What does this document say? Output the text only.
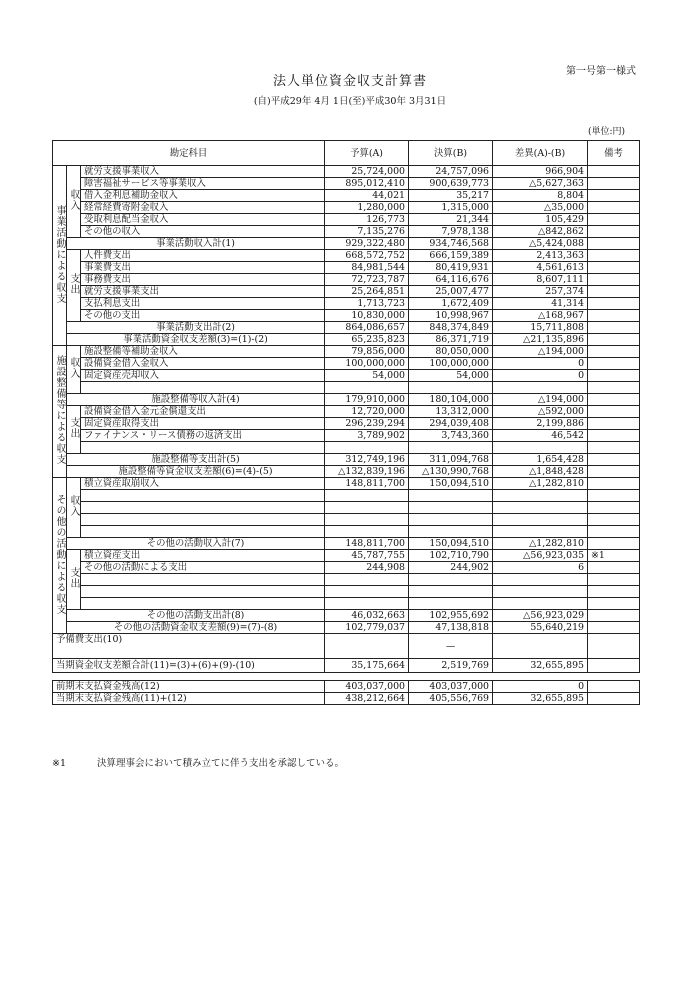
第一号第一様式
法人単位資金収支計算書
(自)平成29年 4月 1日(至)平成30年 3月31日
(単位:円)
勘定科目			予算(A)	決算(B)	差異(A)-(B)	備考
事業活動による収支	収入	就労支援事業収入	25,724,000	24,757,096	966,904	
		障害福祉サービス等事業収入	895,012,410	900,639,773	△5,627,363	
		借入金利息補助金収入	44,021	35,217	8,804	
		経常経費寄附金収入	1,280,000	1,315,000	△35,000	
		受取利息配当金収入	126,773	21,344	105,429	
		その他の収入	7,135,276	7,978,138	△842,862	
	事業活動収入計(1)		929,322,480	934,746,568	△5,424,088	
	支出	人件費支出	668,572,752	666,159,389	2,413,363	
		事業費支出	84,981,544	80,419,931	4,561,613	
		事務費支出	72,723,787	64,116,676	8,607,111	
		就労支援事業支出	25,264,851	25,007,477	257,374	
		支払利息支出	1,713,723	1,672,409	41,314	
		その他の支出	10,830,000	10,998,967	△168,967	
	事業活動支出計(2)		864,086,657	848,374,849	15,711,808	
	事業活動資金収支差額(3)=(1)-(2)		65,235,823	86,371,719	△21,135,896	
施設整備等による収支	収入	施設整備等補助金収入	79,856,000	80,050,000	△194,000	
		設備資金借入金収入	100,000,000	100,000,000	0	
		固定資産売却収入	54,000	54,000	0	

	施設整備等収入計(4)		179,910,000	180,104,000	△194,000	
	支出	設備資金借入金元金償還支出	12,720,000	13,312,000	△592,000	
		固定資産取得支出	296,239,294	294,039,408	2,199,886	
		ファイナンス・リース債務の返済支出	3,789,902	3,743,360	46,542	

	施設整備等支出計(5)		312,749,196	311,094,768	1,654,428	
	施設整備等資金収支差額(6)=(4)-(5)		△132,839,196	△130,990,768	△1,848,428	
その他の活動による収支	収入	積立資産取崩収入	148,811,700	150,094,510	△1,282,810	

	その他の活動収入計(7)		148,811,700	150,094,510	△1,282,810	
	支出	積立資産支出	45,787,755	102,710,790	△56,923,035	※1
		その他の活動による支出	244,908	244,902	6	

	その他の活動支出計(8)		46,032,663	102,955,692	△56,923,029	
	その他の活動資金収支差額(9)=(7)-(8)		102,779,037	47,138,818	55,640,219	
予備費支出(10)				—		

当期資金収支差額合計(11)=(3)+(6)+(9)-(10)			35,175,664	2,519,769	32,655,895	

前期末支払資金残高(12)			403,037,000	403,037,000	0	
当期末支払資金残高(11)+(12)			438,212,664	405,556,769	32,655,895	
※1	決算理事会において積み立てに伴う支出を承認している。
